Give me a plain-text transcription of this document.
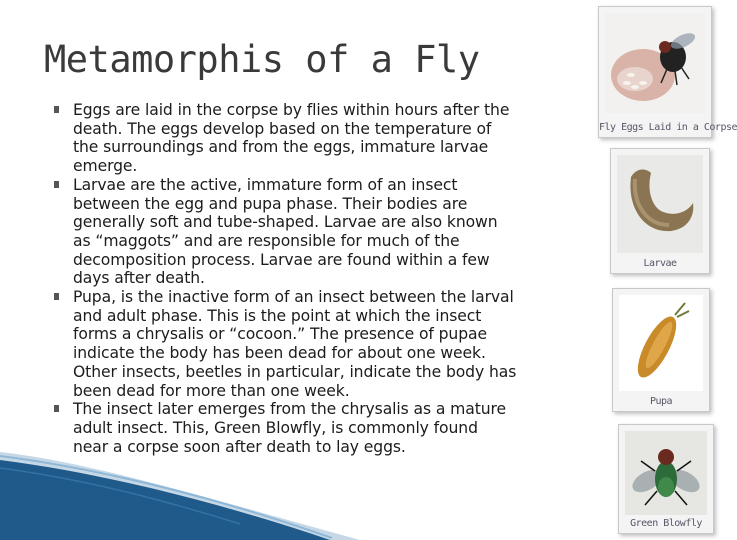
Metamorphis of a Fly
Eggs are laid in the corpse by flies within hours after the
death. The eggs develop based on the temperature of
the surroundings and from the eggs, immature larvae
emerge.
Larvae are the active, immature form of an insect
between the egg and pupa phase. Their bodies are
generally soft and tube-shaped. Larvae are also known
as “maggots” and are responsible for much of the
decomposition process. Larvae are found within a few
days after death.
Pupa, is the inactive form of an insect between the larval
and adult phase. This is the point at which the insect
forms a chrysalis or “cocoon.” The presence of pupae
indicate the body has been dead for about one week.
Other insects, beetles in particular, indicate the body has
been dead for more than one week.
The insect later emerges from the chrysalis as a mature
adult insect. This, Green Blowfly, is commonly found
near a corpse soon after death to lay eggs.
Fly Eggs Laid in a Corpse
Larvae
Pupa
Green Blowfly
